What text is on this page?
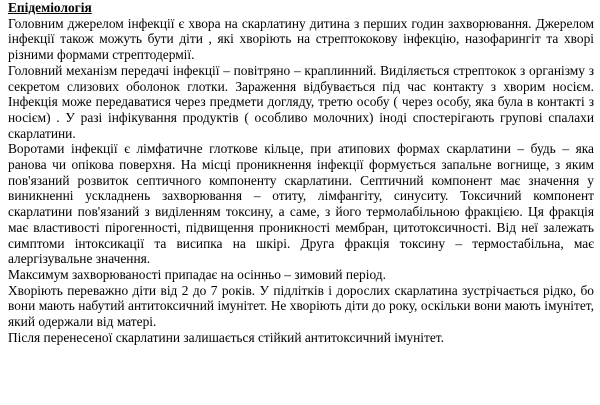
Епідеміологія

Головним джерелом інфекції є хвора на скарлатину дитина з перших годин захворювання. Джерелом інфекції також можуть бути діти , які хворіють на стрептококову інфекцію, назофарингіт та хворі різними формами стрептодермії.

Головний механізм передачі інфекції – повітряно – краплинний. Виділяється стрептокок з організму з секретом слизових оболонок глотки. Зараження відбувається під час контакту з хворим носієм. Інфекція може передаватися через предмети догляду, третю особу ( через особу, яка була в контакті з носієм) . У разі інфікування продуктів ( особливо молочних) іноді спостерігають групові спалахи скарлатини.

Воротами інфекції є лімфатичне глоткове кільце, при атипових формах скарлатини – будь – яка ранова чи опікова поверхня. На місці проникнення інфекції формується запальне вогнище, з яким пов'язаний розвиток септичного компоненту скарлатини. Септичний компонент має значення у виникненні ускладнень захворювання – отиту, лімфангіту, синуситу. Токсичний компонент скарлатини пов'язаний з виділенням токсину, а саме, з його термолабільною фракцією. Ця фракція має властивості пірогенності, підвищення проникності мембран, цитотоксичності. Від неї залежать симптоми інтоксикації та висипка на шкірі. Друга фракція токсину – термостабільна, має алергізувальне значення.

Максимум захворюваності припадає на осінньо – зимовий період.

Хворіють переважно діти від 2 до 7 років. У підлітків і дорослих скарлатина зустрічається рідко, бо вони мають набутий антитоксичний імунітет. Не хворіють діти до року, оскільки вони мають імунітет, який одержали від матері.

Після перенесеної скарлатини залишається стійкий антитоксичний імунітет.
